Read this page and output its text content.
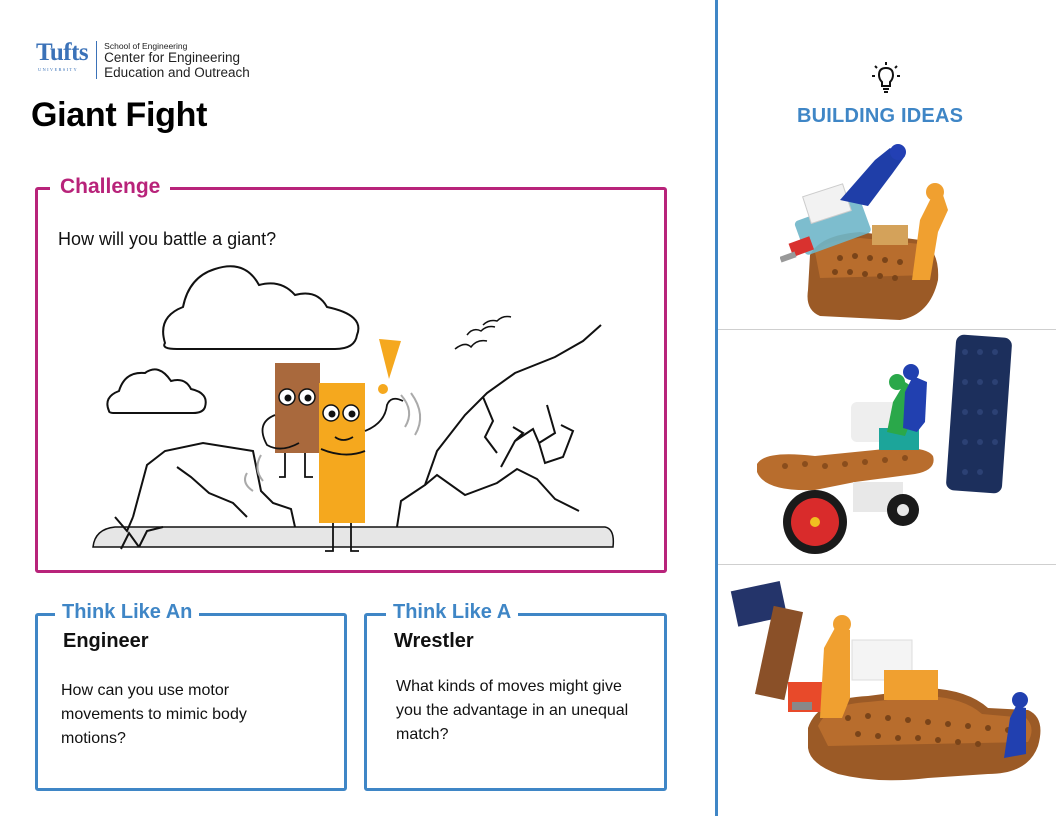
Tufts
UNIVERSITY
School of Engineering
Center for Engineering
Education and Outreach
Giant Fight
Challenge
How will you battle a giant?
Think Like An
Engineer
How can you use motor movements to mimic body motions?
Think Like A
Wrestler
What kinds of moves might give you the advantage in an unequal match?
BUILDING IDEAS
